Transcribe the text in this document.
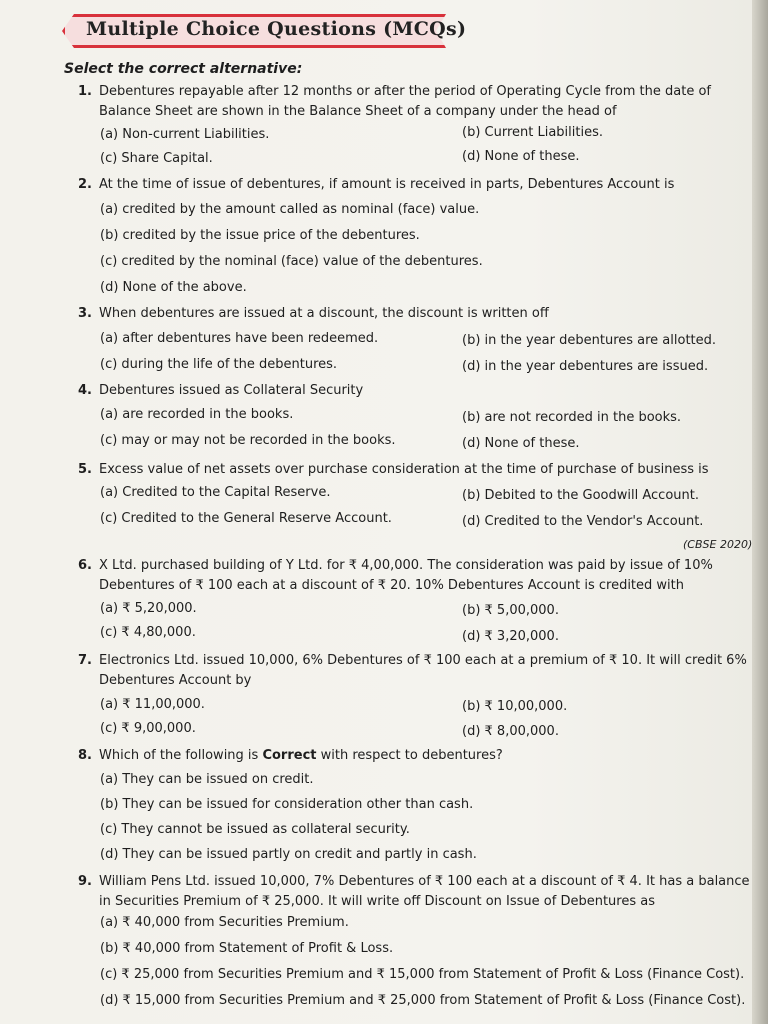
Multiple Choice Questions (MCQs)
Select the correct alternative:
1. Debentures repayable after 12 months or after the period of Operating Cycle from the date of Balance Sheet are shown in the Balance Sheet of a company under the head of
(a) Non-current Liabilities.	(b) Current Liabilities.
(c) Share Capital.	(d) None of these.
2. At the time of issue of debentures, if amount is received in parts, Debentures Account is
(a) credited by the amount called as nominal (face) value.
(b) credited by the issue price of the debentures.
(c) credited by the nominal (face) value of the debentures.
(d) None of the above.
3. When debentures are issued at a discount, the discount is written off
(a) after debentures have been redeemed.	(b) in the year debentures are allotted.
(c) during the life of the debentures.	(d) in the year debentures are issued.
4. Debentures issued as Collateral Security
(a) are recorded in the books.	(b) are not recorded in the books.
(c) may or may not be recorded in the books.	(d) None of these.
5. Excess value of net assets over purchase consideration at the time of purchase of business is
(a) Credited to the Capital Reserve.	(b) Debited to the Goodwill Account.
(c) Credited to the General Reserve Account.	(d) Credited to the Vendor's Account.
(CBSE 2020)
6. X Ltd. purchased building of Y Ltd. for ₹ 4,00,000. The consideration was paid by issue of 10% Debentures of ₹ 100 each at a discount of ₹ 20. 10% Debentures Account is credited with
(a) ₹ 5,20,000.	(b) ₹ 5,00,000.
(c) ₹ 4,80,000.	(d) ₹ 3,20,000.
7. Electronics Ltd. issued 10,000, 6% Debentures of ₹ 100 each at a premium of ₹ 10. It will credit 6% Debentures Account by
(a) ₹ 11,00,000.	(b) ₹ 10,00,000.
(c) ₹ 9,00,000.	(d) ₹ 8,00,000.
8. Which of the following is Correct with respect to debentures?
(a) They can be issued on credit.
(b) They can be issued for consideration other than cash.
(c) They cannot be issued as collateral security.
(d) They can be issued partly on credit and partly in cash.
9. William Pens Ltd. issued 10,000, 7% Debentures of ₹ 100 each at a discount of ₹ 4. It has a balance in Securities Premium of ₹ 25,000. It will write off Discount on Issue of Debentures as
(a) ₹ 40,000 from Securities Premium.
(b) ₹ 40,000 from Statement of Profit & Loss.
(c) ₹ 25,000 from Securities Premium and ₹ 15,000 from Statement of Profit & Loss (Finance Cost).
(d) ₹ 15,000 from Securities Premium and ₹ 25,000 from Statement of Profit & Loss (Finance Cost).
